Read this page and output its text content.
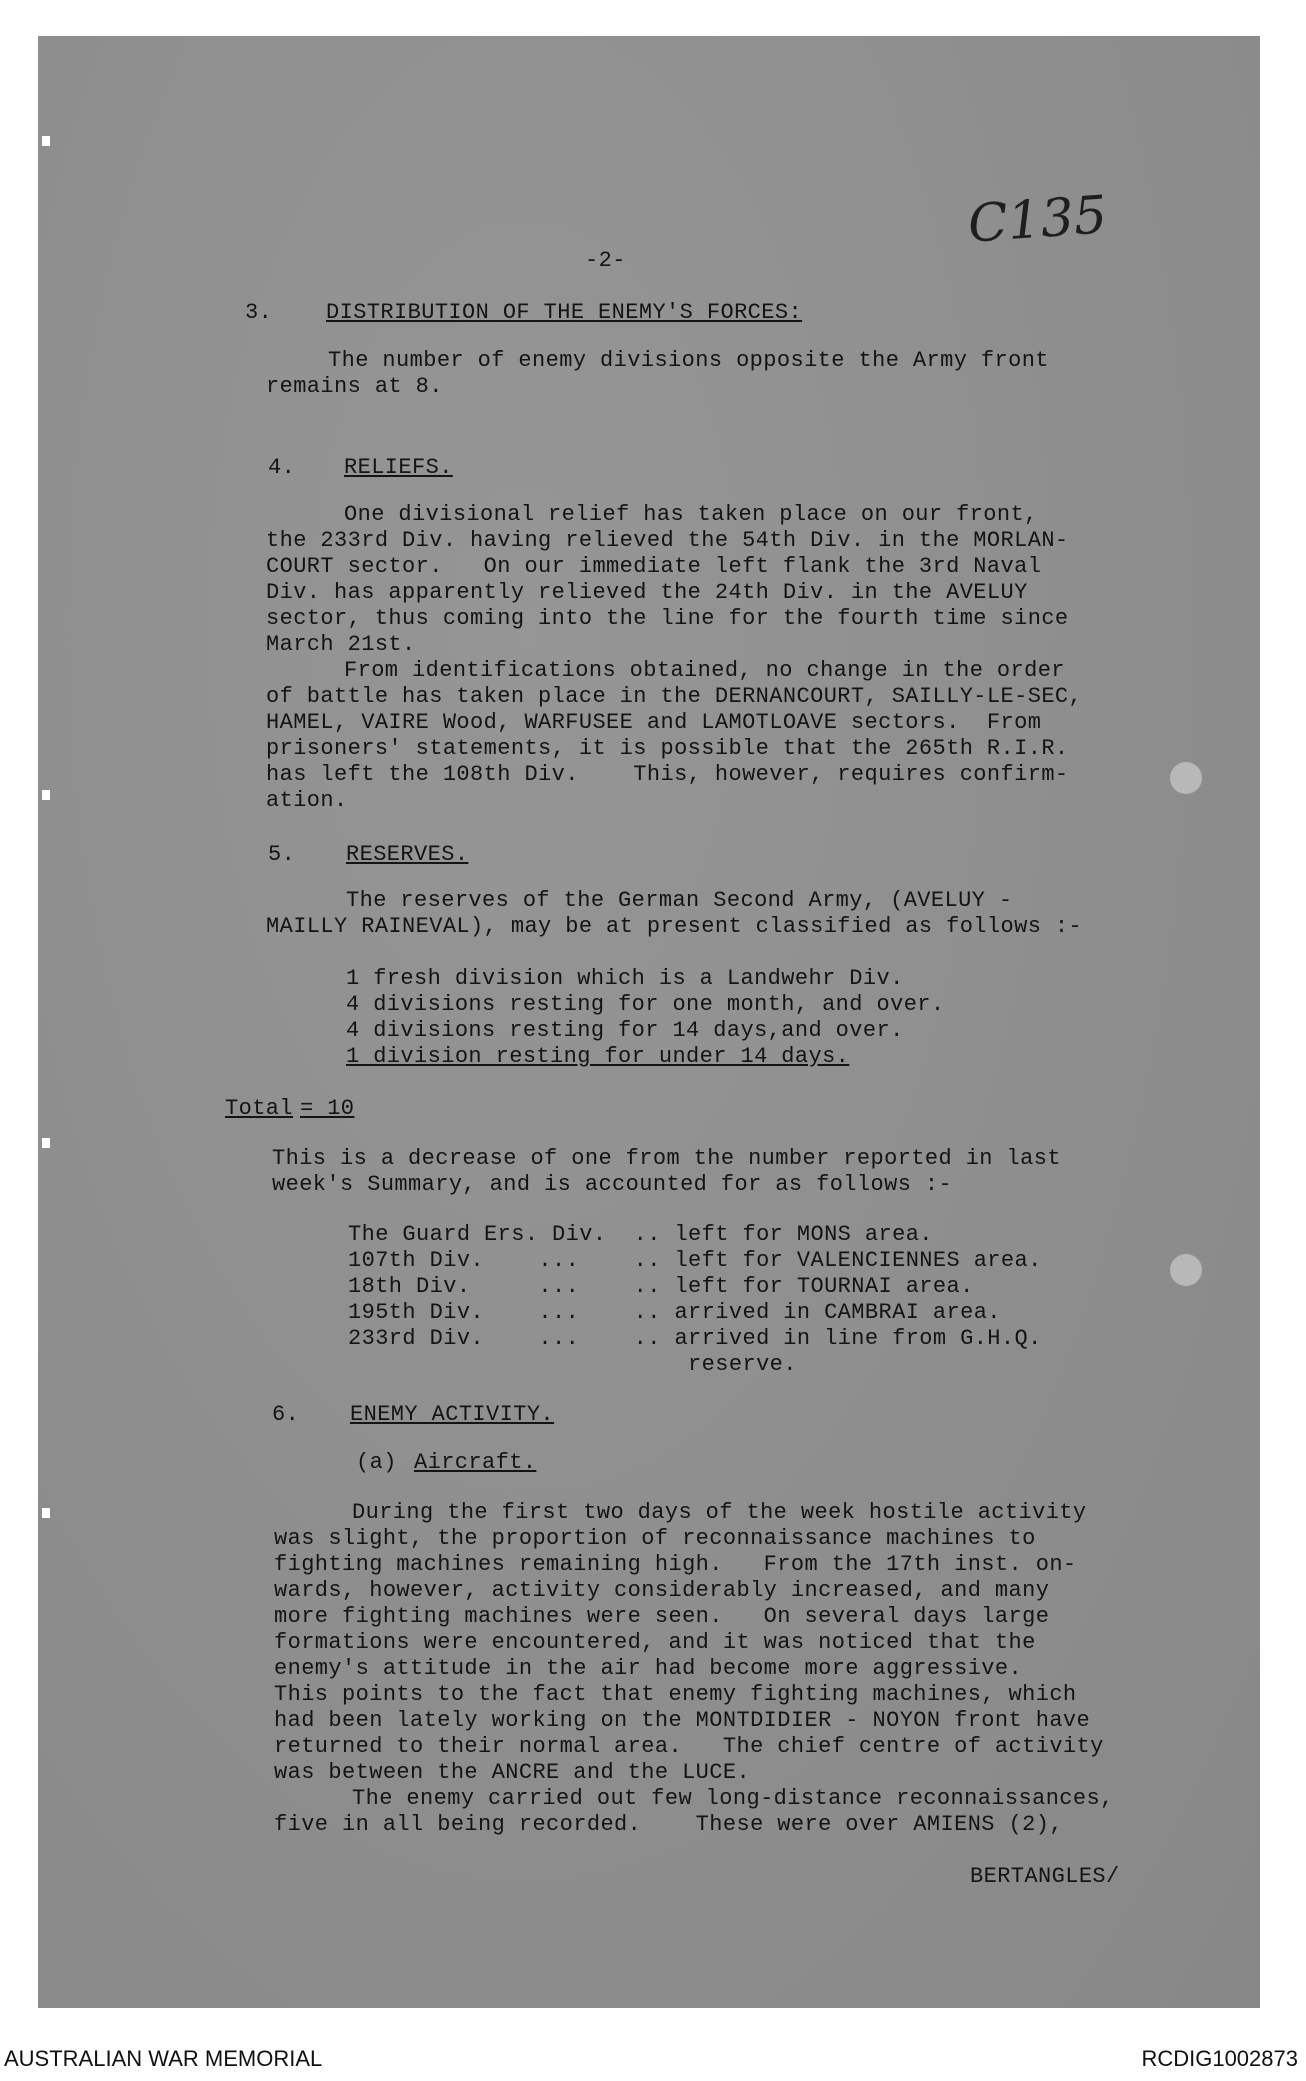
C135
-2-
3. DISTRIBUTION OF THE ENEMY'S FORCES:
The number of enemy divisions opposite the Army front
remains at 8.
4. RELIEFS.
One divisional relief has taken place on our front,
the 233rd Div. having relieved the 54th Div. in the MORLAN-
COURT sector.   On our immediate left flank the 3rd Naval
Div. has apparently relieved the 24th Div. in the AVELUY
sector, thus coming into the line for the fourth time since
March 21st.
From identifications obtained, no change in the order
of battle has taken place in the DERNANCOURT, SAILLY-LE-SEC,
HAMEL, VAIRE Wood, WARFUSEE and LAMOTLOAVE sectors.  From
prisoners' statements, it is possible that the 265th R.I.R.
has left the 108th Div.    This, however, requires confirm-
ation.
5. RESERVES.
The reserves of the German Second Army, (AVELUY -
MAILLY RAINEVAL), may be at present classified as follows :-
1 fresh division which is a Landwehr Div.
4 divisions resting for one month, and over.
4 divisions resting for 14 days,and over.
1 division resting for under 14 days.
Total = 10
This is a decrease of one from the number reported in last
week's Summary, and is accounted for as follows :-
The Guard Ers. Div.  .. left for MONS area.
107th Div.    ...    .. left for VALENCIENNES area.
18th Div.     ...    .. left for TOURNAI area.
195th Div.    ...    .. arrived in CAMBRAI area.
233rd Div.    ...    .. arrived in line from G.H.Q.
reserve.
6. ENEMY ACTIVITY.
(a) Aircraft.
During the first two days of the week hostile activity
was slight, the proportion of reconnaissance machines to
fighting machines remaining high.   From the 17th inst. on-
wards, however, activity considerably increased, and many
more fighting machines were seen.   On several days large
formations were encountered, and it was noticed that the
enemy's attitude in the air had become more aggressive.
This points to the fact that enemy fighting machines, which
had been lately working on the MONTDIDIER - NOYON front have
returned to their normal area.   The chief centre of activity
was between the ANCRE and the LUCE.
The enemy carried out few long-distance reconnaissances,
five in all being recorded.    These were over AMIENS (2),
BERTANGLES/
AUSTRALIAN WAR MEMORIAL	RCDIG1002873
